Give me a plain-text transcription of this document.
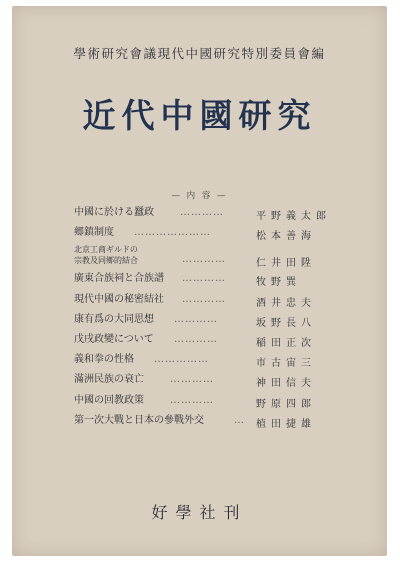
學術研究會議現代中國研究特別委員會編
近代中國研究
— 内 容 —
中國に於ける蠶政	…………	平野義太郎
郷鎮制度 …………………	松本善海
北京工商ギルドの
宗教及同鄉的結合	…………	仁井田陞
廣東合族祠と合族譜 …………	牧野巽
現代中國の秘密結社 …………	酒井忠夫
康有爲の大同思想 …………	坂野長八
戊戌政變について …………	稲田正次
義和拳の性格 ……………	市古宙三
滿洲民族の衰亡	…………	神田信夫
中國の回教政策	…………	野原四郎
第一次大戰と日本の參戰外交	… 植田捷雄
好學社刊
